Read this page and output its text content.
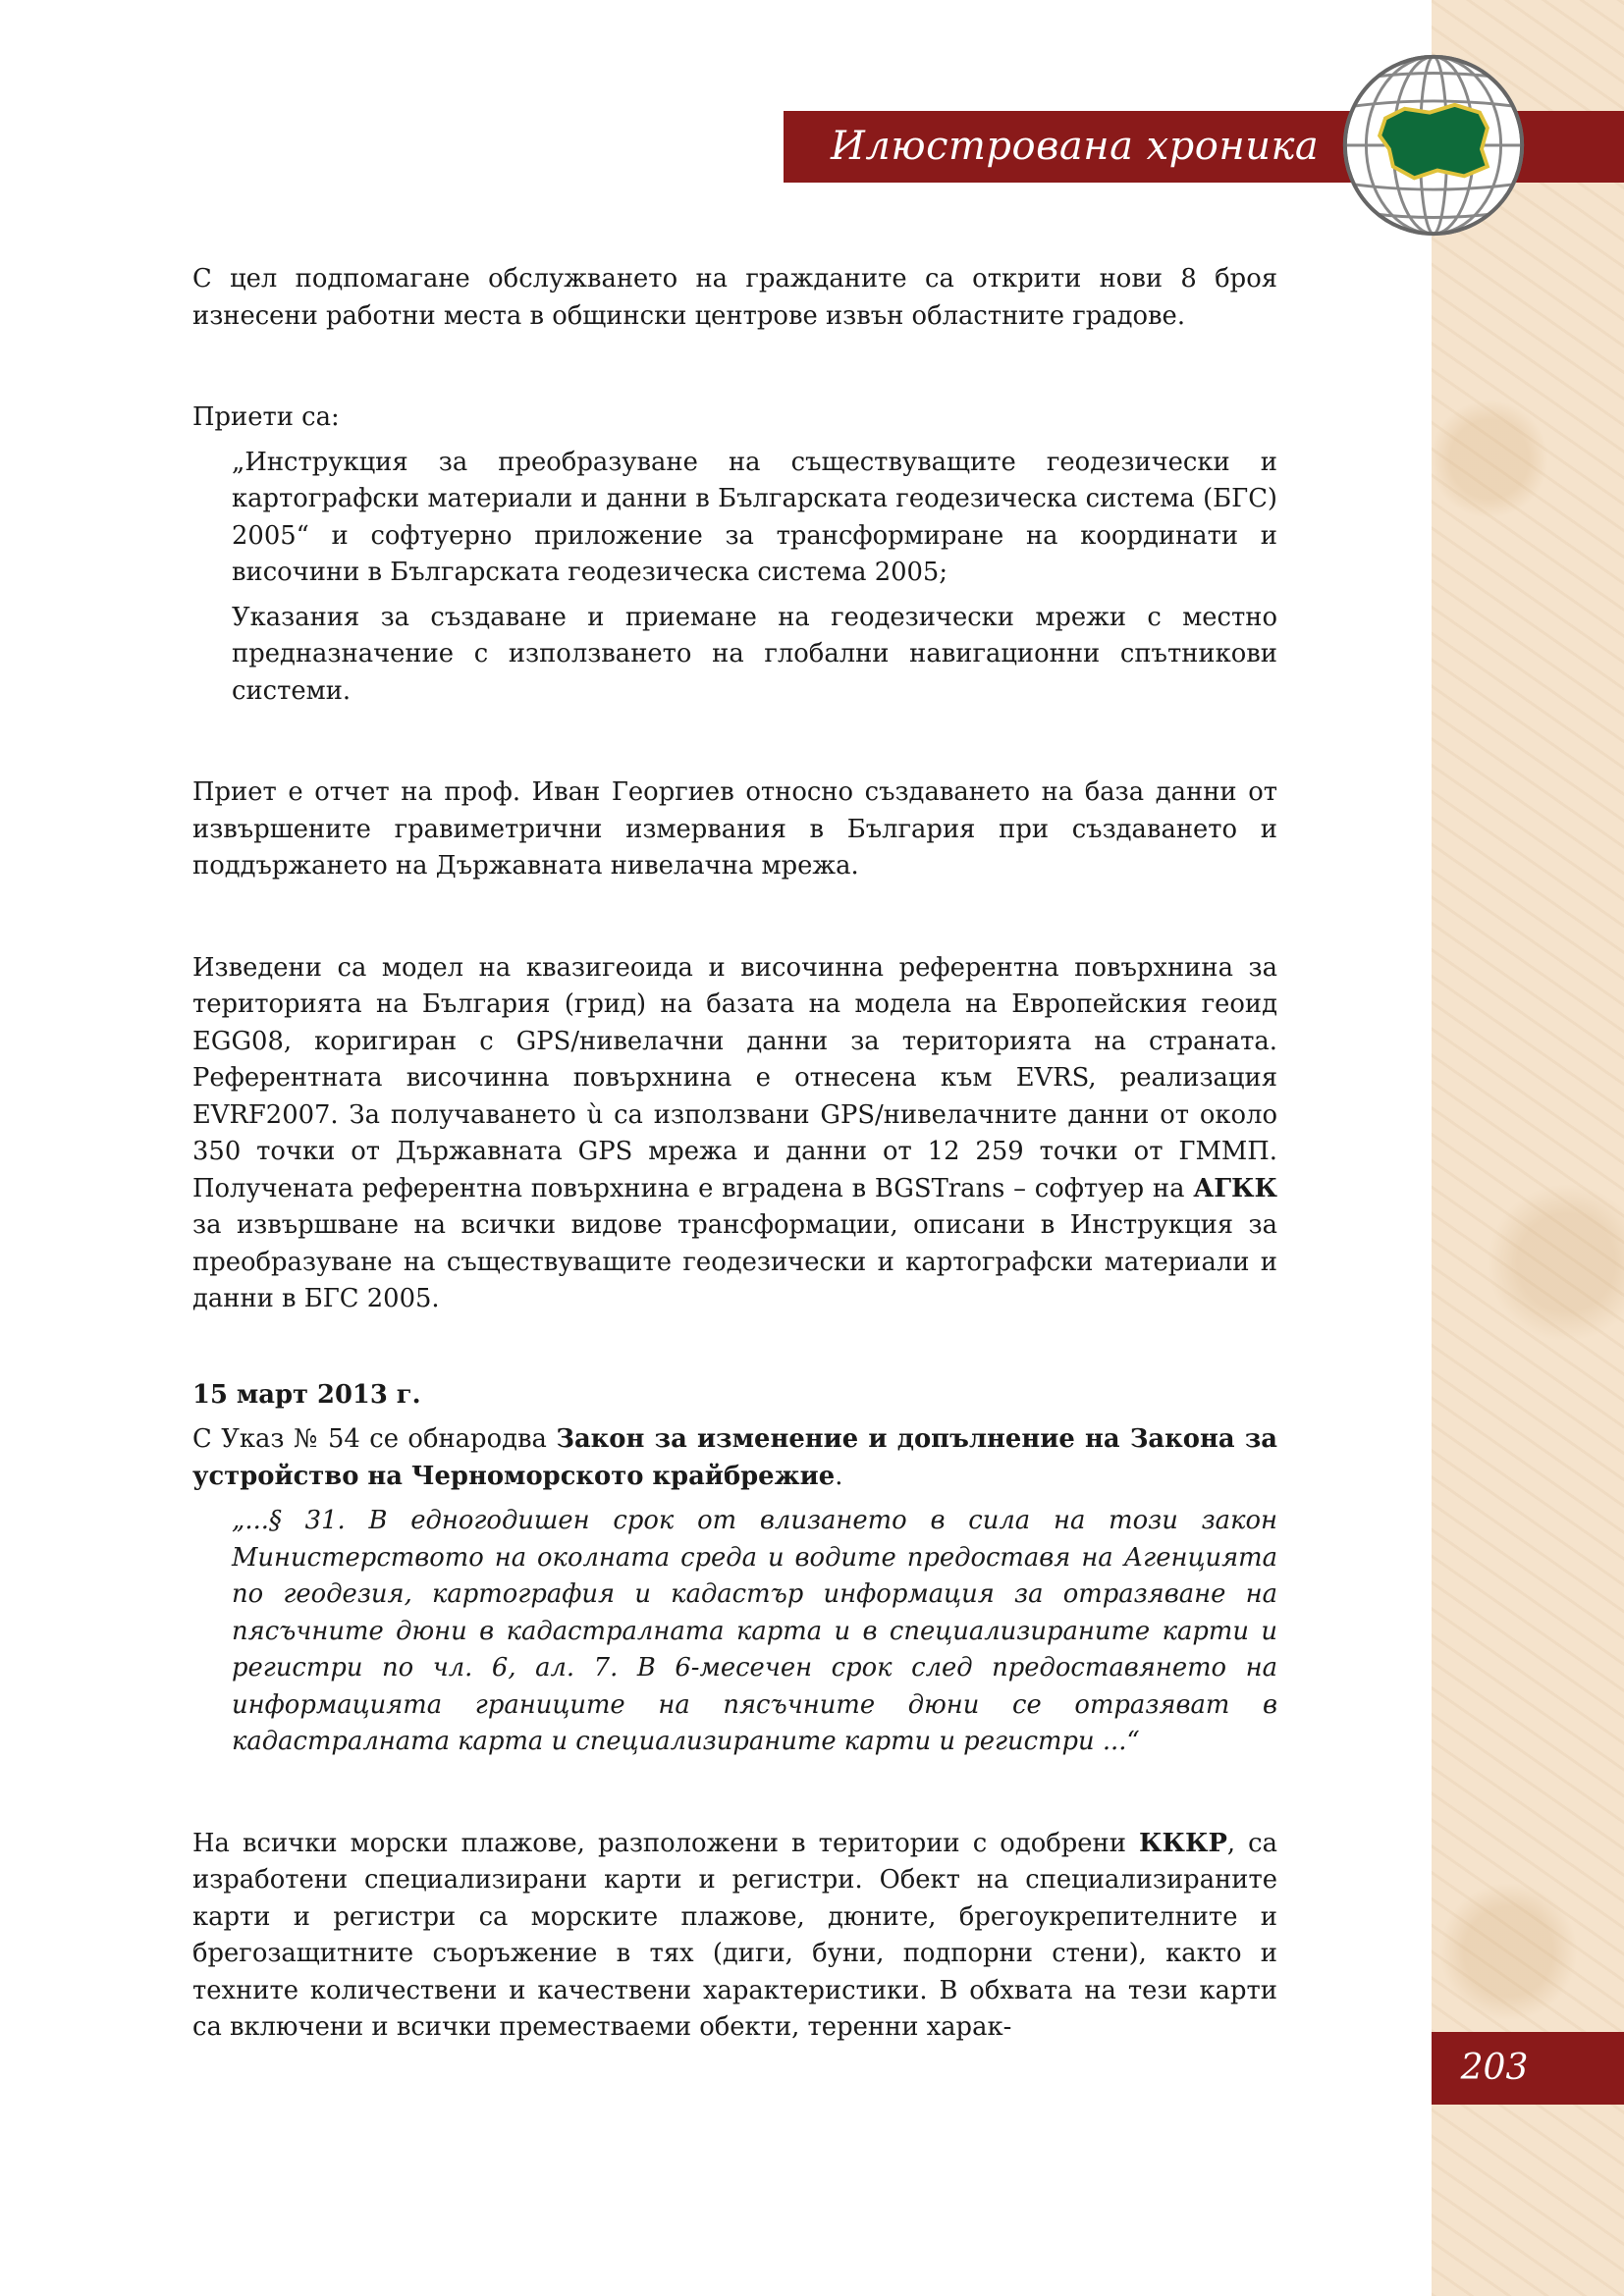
Илюстрована хроника
203

С цел подпомагане обслужването на гражданите са открити нови 8 броя изнесени работни места в общински центрове извън областните градове.

Приети са:

„Инструкция за преобразуване на съществуващите геодезически и картографски материали и данни в Българската геодезическа система (БГС) 2005“ и софтуерно приложение за трансформиране на координати и височини в Българската геодезическа система 2005;

Указания за създаване и приемане на геодезически мрежи с местно предназначение с използването на глобални навигационни спътникови системи.

Приет е отчет на проф. Иван Георгиев относно създаването на база данни от извършените гравиметрични измервания в България при създаването и поддържането на Държавната нивелачна мрежа.

Изведени са модел на квазигеоида и височинна референтна повърхнина за територията на България (грид) на базата на модела на Европейския геоид EGG08, коригиран с GPS/нивелачни данни за територията на страната. Референтната височинна повърхнина е отнесена към EVRS, реализация EVRF2007. За получаването ù са използвани GPS/нивелачните данни от около 350 точки от Държавната GPS мрежа и данни от 12 259 точки от ГММП. Получената референтна повърхнина е вградена в BGSTrans – софтуер на АГКК за извършване на всички видове трансформации, описани в Инструкция за преобразуване на съществуващите геодезически и картографски материали и данни в БГС 2005.

15 март 2013 г.

С Указ № 54 се обнародва Закон за изменение и допълнение на Закона за устройство на Черноморското крайбрежие.

„...§ 31. В едногодишен срок от влизането в сила на този закон Министерството на околната среда и водите предоставя на Агенцията по геодезия, картография и кадастър информация за отразяване на пясъчните дюни в кадастралната карта и в специализираните карти и регистри по чл. 6, ал. 7. В 6-месечен срок след предоставянето на информацията границите на пясъчните дюни се отразяват в кадастралната карта и специализираните карти и регистри ...“

На всички морски плажове, разположени в територии с одобрени КККР, са изработени специализирани карти и регистри. Обект на специализираните карти и регистри са морските плажове, дюните, брегоукрепителните и брегозащитните съоръжение в тях (диги, буни, подпорни стени), както и техните количествени и качествени характеристики. В обхвата на тези карти са включени и всички преместваеми обекти, теренни харак-
